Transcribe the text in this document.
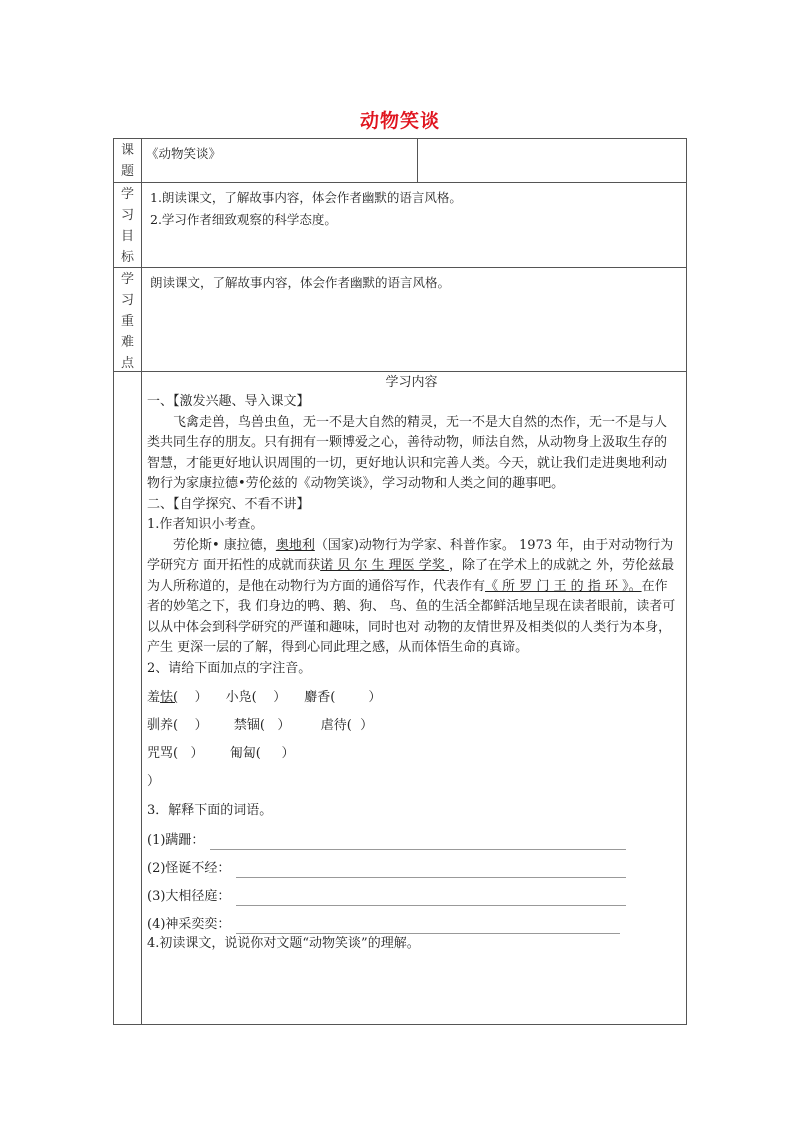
动物笑谈
课
题
《动物笑谈》
学
习
目
标
1.朗读课文，了解故事内容，体会作者幽默的语言风格。
2.学习作者细致观察的科学态度。
学
习
重
难
点
朗读课文，了解故事内容，体会作者幽默的语言风格。
学习内容

一、【激发兴趣、导入课文】

飞禽走兽，鸟兽虫鱼，无一不是大自然的精灵，无一不是大自然的杰作，无一不是与人类共同生存的朋友。只有拥有一颗博爱之心，善待动物，师法自然，从动物身上汲取生存的智慧，才能更好地认识周围的一切，更好地认识和完善人类。今天，就让我们走进奥地利动物行为家康拉德•劳伦兹的《动物笑谈》，学习动物和人类之间的趣事吧。

二、【自学探究、不看不讲】

1.作者知识小考查。

劳伦斯• 康拉德，奥地利（国家)动物行为学家、科普作家。 1973 年，由于对动物行为学研究方 面开拓性的成就而获诺 贝 尔 生 理医 学奖 ，除了在学术上的成就之 外，劳伦兹最为人所称道的，是他在动物行为方面的通俗写作，代表作有《 所 罗 门 王 的 指 环 》。在作者的妙笔之下，我 们身边的鸭、鹅、狗、 鸟、鱼的生活全都鲜活地呈现在读者眼前，读者可 以从中体会到科学研究的严谨和趣味，同时也对 动物的友情世界及相类似的人类行为本身，产生 更深一层的了解，得到心同此理之感，从而体悟生命的真谛。

2、请给下面加点的字注音。

羞怯(    ） 小凫(    ） 麝香(        ）
驯养(    ） 禁锢(   ） 虐待(  ）
咒骂(   ） 匍匐(     ）
）

3．解释下面的词语。

(1)蹒跚：
(2)怪诞不经：
(3)大相径庭：
(4)神采奕奕：

4.初读课文，说说你对文题“动物笑谈”的理解。
